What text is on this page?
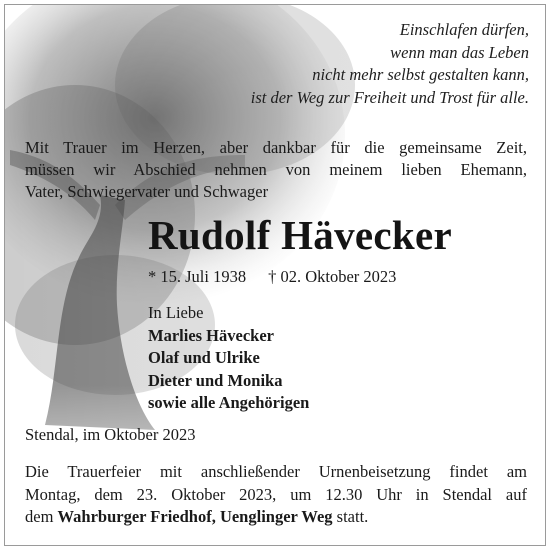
Einschlafen dürfen,
wenn man das Leben
nicht mehr selbst gestalten kann,
ist der Weg zur Freiheit und Trost für alle.
Mit Trauer im Herzen, aber dankbar für die gemeinsame Zeit,
müssen wir Abschied nehmen von meinem lieben Ehemann,
Vater, Schwiegervater und Schwager
Rudolf Hävecker
* 15. Juli 1938 † 02. Oktober 2023
In Liebe
Marlies Hävecker
Olaf und Ulrike
Dieter und Monika
sowie alle Angehörigen
Stendal, im Oktober 2023
Die Trauerfeier mit anschließender Urnenbeisetzung findet am
Montag, dem 23. Oktober 2023, um 12.30 Uhr in Stendal auf
dem Wahrburger Friedhof, Uenglinger Weg statt.
